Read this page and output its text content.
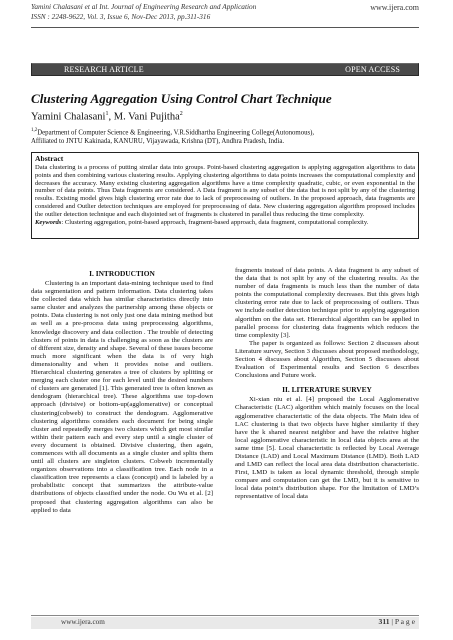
Yamini Chalasani et al Int. Journal of Engineering Research and Application
ISSN : 2248-9622, Vol. 3, Issue 6, Nov-Dec 2013, pp.311-316
www.ijera.com
RESEARCH ARTICLE	OPEN ACCESS
Clustering Aggregation Using Control Chart Technique
Yamini Chalasani$^1$, M. Vani Pujitha$^2$
$^{1,2}$Department of Computer Science & Engineering, V.R.Siddhartha Engineering College(Autonomous),
Affiliated to JNTU Kakinada, KANURU, Vijayawada, Krishna (DT), Andhra Pradesh, India.
Abstract
Data clustering is a process of putting similar data into groups. Point-based clustering aggregation is applying aggregation algorithms to data points and then combining various clustering results. Applying clustering algorithms to data points increases the computational complexity and decreases the accuracy. Many existing clustering aggregation algorithms have a time complexity quadratic, cubic, or even exponential in the number of data points. Thus Data fragments are considered. A Data fragment is any subset of the data that is not split by any of the clustering results. Existing model gives high clustering error rate due to lack of preprocessing of outliers. In the proposed approach, data fragments are considered and Outlier detection techniques are employed for preprocessing of data. New clustering aggregation algorithm proposed includes the outlier detection technique and each disjointed set of fragments is clustered in parallel thus reducing the time complexity.
Keywords: Clustering aggregation, point-based approach, fragment-based approach, data fragment, computational complexity.
I. INTRODUCTION

Clustering is an important data-mining technique used to find data segmentation and pattern information. Data clustering takes the collected data which has similar characteristics directly into same cluster and analyzes the partnership among these objects or points. Data clustering is not only just one data mining method but as well as a pre-process data using preprocessing algorithms, knowledge discovery and data collection . The trouble of detecting clusters of points in data is challenging as soon as the clusters are of different size, density and shape. Several of these issues become much more significant when the data is of very high dimensionality and when it provides noise and outliers. Hierarchical clustering generates a tree of clusters by splitting or merging each cluster one for each level until the desired numbers of clusters are generated [1]. This generated tree is often known as dendogram (hierarchical tree). These algorithms use top-down approach (divisive) or bottom-up(agglomerative) or conceptual clustering(cobweb) to construct the dendogram. Agglomerative clustering algorithms considers each document for being single cluster and repeatedly merges two clusters which get most similar within their pattern each and every step until a single cluster of every document is obtained. Divisive clustering, then again, commences with all documents as a single cluster and splits them until all clusters are singleton clusters. Cobweb incrementally organizes observations into a classification tree. Each node in a classification tree represents a class (concept) and is labeled by a probabilistic concept that summarizes the attribute-value distributions of objects classified under the node. Ou Wu et al. [2] proposed that clustering aggregation algorithms can also be applied to data

fragments instead of data points. A data fragment is any subset of the data that is not split by any of the clustering results. As the number of data fragments is much less than the number of data points the computational complexity decreases. But this gives high clustering error rate due to lack of preprocessing of outliers. Thus we include outlier detection technique prior to applying aggregation algorithm on the data set. Hierarchical algorithm can be applied in parallel process for clustering data fragments which reduces the time complexity [3].

The paper is organized as follows: Section 2 discusses about Literature survey, Section 3 discusses about proposed methodology, Section 4 discusses about Algorithm, Section 5 discusses about Evaluation of Experimental results and Section 6 describes Conclusions and Future work.

II. LITERATURE SURVEY

Xi-xian niu et al. [4] proposed the Local Agglomerative Characteristic (LAC) algorithm which mainly focuses on the local agglomerative characteristic of the data objects. The Main idea of LAC clustering is that two objects have higher similarity if they have the k shared nearest neighbor and have the relative higher local agglomerative characteristic in local data objects area at the same time [5]. Local characteristic is reflected by Local Average Distance (LAD) and Local Maximum Distance (LMD). Both LAD and LMD can reflect the local area data distribution characteristic. First, LMD is taken as local dynamic threshold, through simple compare and computation can get the LMD, but it is sensitive to local data point’s distribution shape. For the limitation of LMD’s representative of local data

www.ijera.com	311 | P a g e
